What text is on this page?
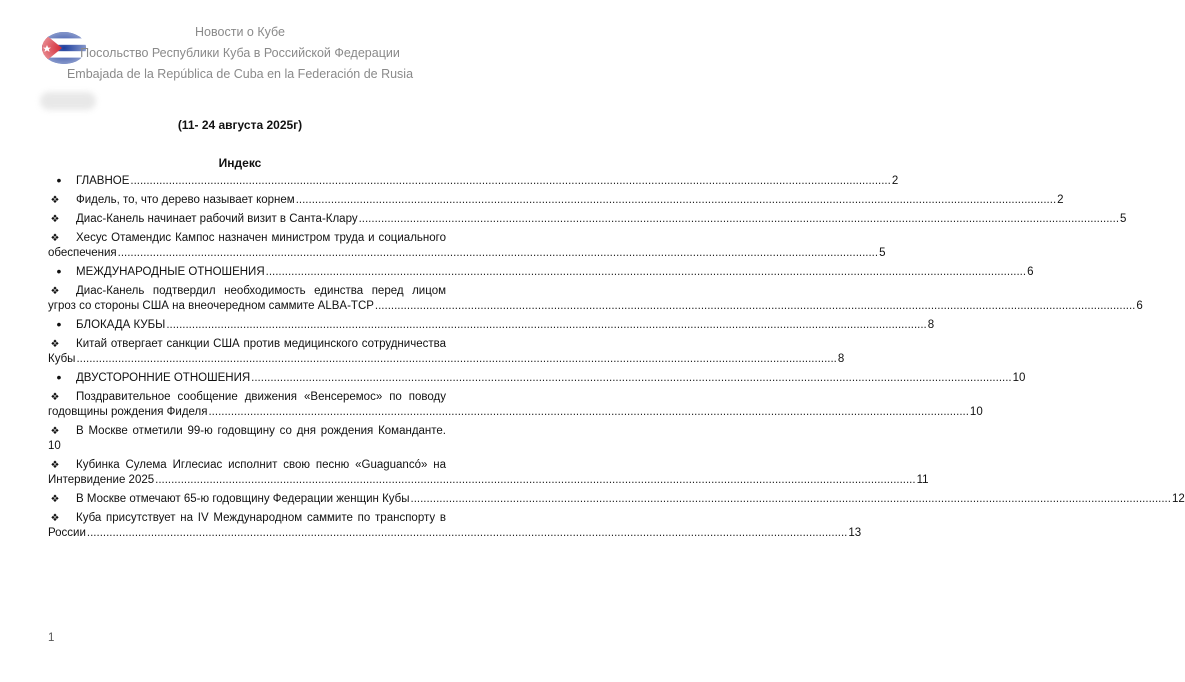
Новости о Кубе
Посольство Республики Куба в Российской Федерации
Embajada de la República de Cuba en la Federación de Rusia
(11- 24 августа 2025г)
Индекс
•	ГЛАВНОЕ .............................................................................................................................................................................................................................................. 2
❖ Фидель, то, что дерево называет корнем .............................................................................................................................................................................................................................................. 2
❖ Диас-Канель начинает рабочий визит в Санта-Клару .............................................................................................................................................................................................................................................. 5
❖ Хесус Отамендис Кампос назначен министром труда и социального
обеспечения .............................................................................................................................................................................................................................................. 5
•	МЕЖДУНАРОДНЫЕ ОТНОШЕНИЯ .............................................................................................................................................................................................................................................. 6
❖ Диас-Канель подтвердил необходимость единства перед лицом
угроз со стороны США на внеочередном саммите ALBA-TCP .............................................................................................................................................................................................................................................. 6
•	БЛОКАДА КУБЫ .............................................................................................................................................................................................................................................. 8
❖ Китай отвергает санкции США против медицинского сотрудничества
Кубы .............................................................................................................................................................................................................................................. 8
•	ДВУСТОРОННИЕ ОТНОШЕНИЯ .............................................................................................................................................................................................................................................. 10
❖ Поздравительное сообщение движения «Венсеремос» по поводу
годовщины рождения Фиделя .............................................................................................................................................................................................................................................. 10
❖ В Москве отметили 99-ю годовщину со дня рождения Команданте.
10
❖ Кубинка Сулема Иглесиас исполнит свою песню «Guaguancó» на
Интервидение 2025 .............................................................................................................................................................................................................................................. 11
❖ В Москве отмечают 65-ю годовщину Федерации женщин Кубы .............................................................................................................................................................................................................................................. 12
❖ Куба присутствует на IV Международном саммите по транспорту в
России .............................................................................................................................................................................................................................................. 13
1
